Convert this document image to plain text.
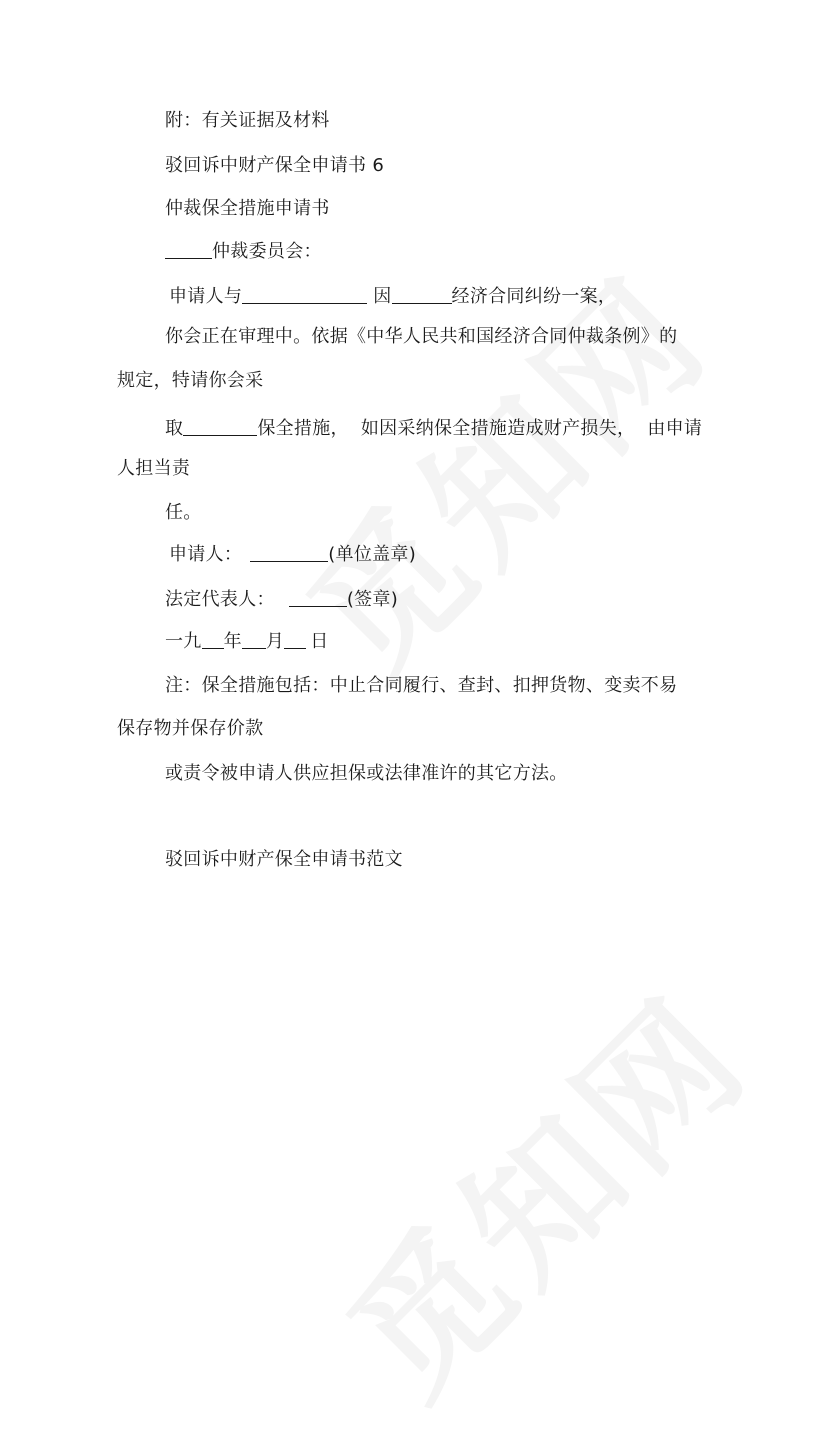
附：有关证据及材料
驳回诉中财产保全申请书 6
仲裁保全措施申请书
仲裁委员会：
申请人与	因	经济合同纠纷一案，
你会正在审理中。依据《中华人民共和国经济合同仲裁条例》的
规定，特请你会采
取	保全措施， 如因采纳保全措施造成财产损失， 由申请
人担当责
任。
申请人：	(单位盖章)
法定代表人：	(签章)
一九 年 月 日
注：保全措施包括：中止合同履行、查封、扣押货物、变卖不易
保存物并保存价款
或责令被申请人供应担保或法律准许的其它方法。
驳回诉中财产保全申请书范文
